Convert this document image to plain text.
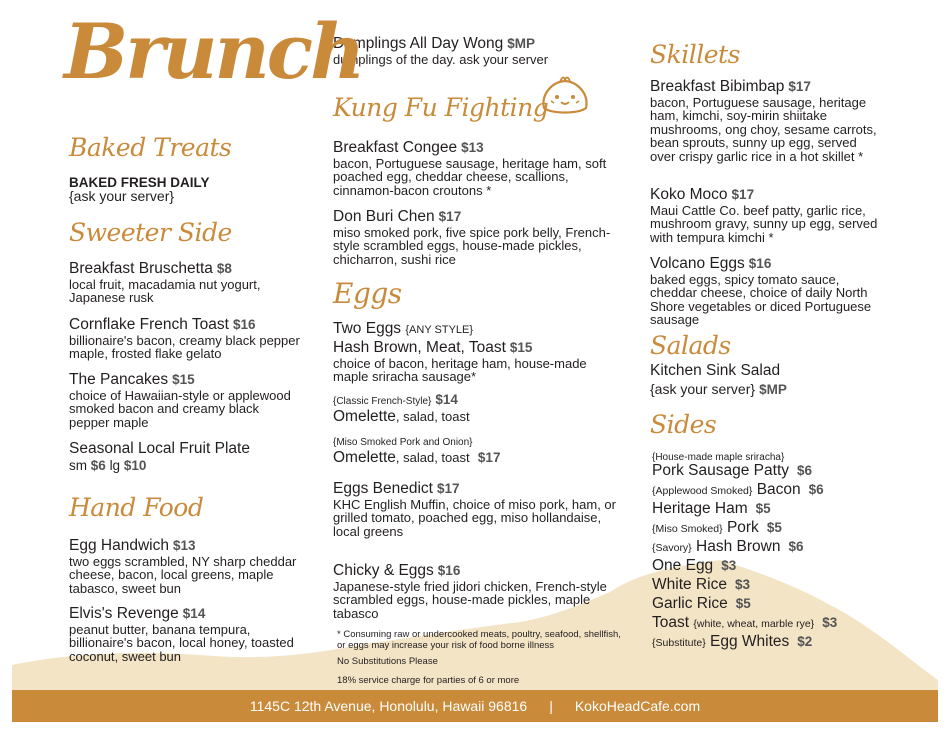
Brunch
Baked Treats
BAKED FRESH DAILY
{ask your server}
Sweeter Side
Breakfast Bruschetta $8
local fruit, macadamia nut yogurt, Japanese rusk
Cornflake French Toast $16
billionaire's bacon, creamy black pepper maple, frosted flake gelato
The Pancakes $15
choice of Hawaiian-style or applewood smoked bacon and creamy black pepper maple
Seasonal Local Fruit Plate
sm $6 lg $10
Hand Food
Egg Handwich $13
two eggs scrambled, NY sharp cheddar cheese, bacon, local greens, maple tabasco, sweet bun
Elvis's Revenge $14
peanut butter, banana tempura, billionaire's bacon, local honey, toasted coconut, sweet bun
Dumplings All Day Wong $MP
dumplings of the day. ask your server
Kung Fu Fighting
Breakfast Congee $13
bacon, Portuguese sausage, heritage ham, soft poached egg, cheddar cheese, scallions, cinnamon-bacon croutons *
Don Buri Chen $17
miso smoked pork, five spice pork belly, French-style scrambled eggs, house-made pickles, chicharron, sushi rice
Eggs
Two Eggs {ANY STYLE}
Hash Brown, Meat, Toast $15
choice of bacon, heritage ham, house-made maple sriracha sausage*
{Classic French-Style} $14
Omelette, salad, toast
{Miso Smoked Pork and Onion}
Omelette, salad, toast $17
Eggs Benedict $17
KHC English Muffin, choice of miso pork, ham, or grilled tomato, poached egg, miso hollandaise, local greens
Chicky & Eggs $16
Japanese-style fried jidori chicken, French-style scrambled eggs, house-made pickles, maple tabasco
* Consuming raw or undercooked meats, poultry, seafood, shellfish, or eggs may increase your risk of food borne illness
No Substitutions Please
18% service charge for parties of 6 or more
Skillets
Breakfast Bibimbap $17
bacon, Portuguese sausage, heritage ham, kimchi, soy-mirin shiitake mushrooms, ong choy, sesame carrots, bean sprouts, sunny up egg, served over crispy garlic rice in a hot skillet *
Koko Moco $17
Maui Cattle Co. beef patty, garlic rice, mushroom gravy, sunny up egg, served with tempura kimchi *
Volcano Eggs $16
baked eggs, spicy tomato sauce, cheddar cheese, choice of daily North Shore vegetables or diced Portuguese sausage
Salads
Kitchen Sink Salad
{ask your server} $MP
Sides
{House-made maple sriracha}
Pork Sausage Patty $6
{Applewood Smoked} Bacon $6
Heritage Ham $5
{Miso Smoked} Pork $5
{Savory} Hash Brown $6
One Egg $3
White Rice $3
Garlic Rice $5
Toast {white, wheat, marble rye} $3
{Substitute} Egg Whites $2
1145C 12th Avenue, Honolulu, Hawaii 96816 | KokoHeadCafe.com
